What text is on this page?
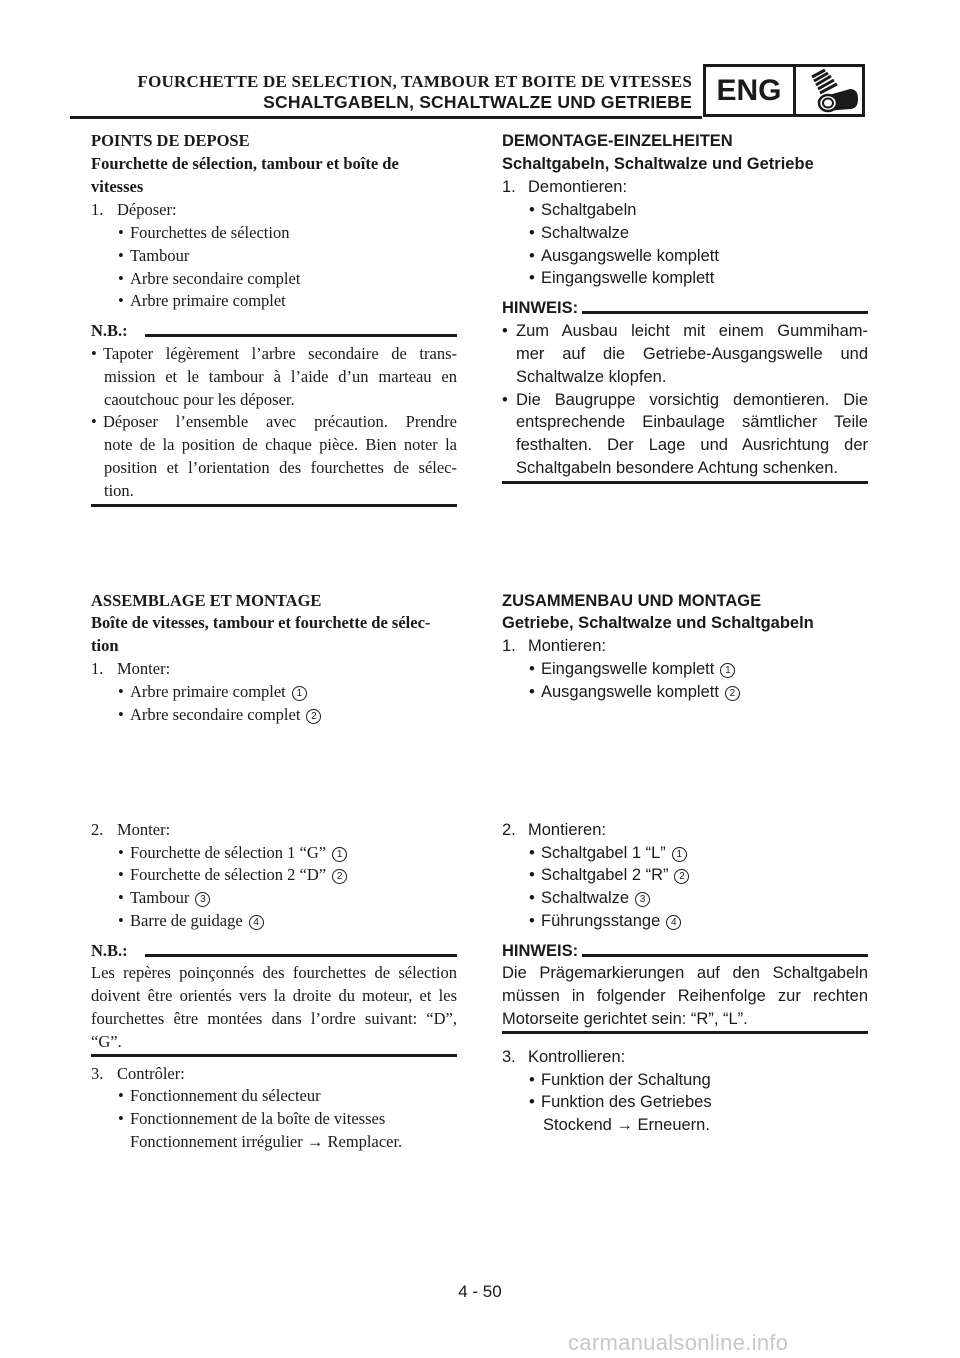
FOURCHETTE DE SELECTION, TAMBOUR ET BOITE DE VITESSES
SCHALTGABELN, SCHALTWALZE UND GETRIEBE ENG
POINTS DE DEPOSE
Fourchette de sélection, tambour et boîte de
vitesses
1. Déposer:
• Fourchettes de sélection
• Tambour
• Arbre secondaire complet
• Arbre primaire complet
N.B.:
• Tapoter légèrement l’arbre secondaire de trans-
mission et le tambour à l’aide d’un marteau en
caoutchouc pour les déposer.
• Déposer l’ensemble avec précaution. Prendre
note de la position de chaque pièce. Bien noter la
position et l’orientation des fourchettes de sélec-
tion.
ASSEMBLAGE ET MONTAGE
Boîte de vitesses, tambour et fourchette de sélec-
tion
1. Monter:
• Arbre primaire complet 1
• Arbre secondaire complet 2
2. Monter:
• Fourchette de sélection 1 “G” 1
• Fourchette de sélection 2 “D” 2
• Tambour 3
• Barre de guidage 4
N.B.:
Les repères poinçonnés des fourchettes de sélection
doivent être orientés vers la droite du moteur, et les
fourchettes être montées dans l’ordre suivant: “D”,
“G”.
3. Contrôler:
• Fonctionnement du sélecteur
• Fonctionnement de la boîte de vitesses
Fonctionnement irrégulier → Remplacer.
DEMONTAGE-EINZELHEITEN
Schaltgabeln, Schaltwalze und Getriebe
1. Demontieren:
• Schaltgabeln
• Schaltwalze
• Ausgangswelle komplett
• Eingangswelle komplett
HINWEIS:
• Zum Ausbau leicht mit einem Gummiham-
mer auf die Getriebe-Ausgangswelle und
Schaltwalze klopfen.
• Die Baugruppe vorsichtig demontieren. Die
entsprechende Einbaulage sämtlicher Teile
festhalten. Der Lage und Ausrichtung der
Schaltgabeln besondere Achtung schenken.
ZUSAMMENBAU UND MONTAGE
Getriebe, Schaltwalze und Schaltgabeln
1. Montieren:
• Eingangswelle komplett 1
• Ausgangswelle komplett 2
2. Montieren:
• Schaltgabel 1 “L” 1
• Schaltgabel 2 “R” 2
• Schaltwalze 3
• Führungsstange 4
HINWEIS:
Die Prägemarkierungen auf den Schaltgabeln
müssen in folgender Reihenfolge zur rechten
Motorseite gerichtet sein: “R”, “L”.
3. Kontrollieren:
• Funktion der Schaltung
• Funktion des Getriebes
Stockend → Erneuern.
4 - 50
carmanualsonline.info
